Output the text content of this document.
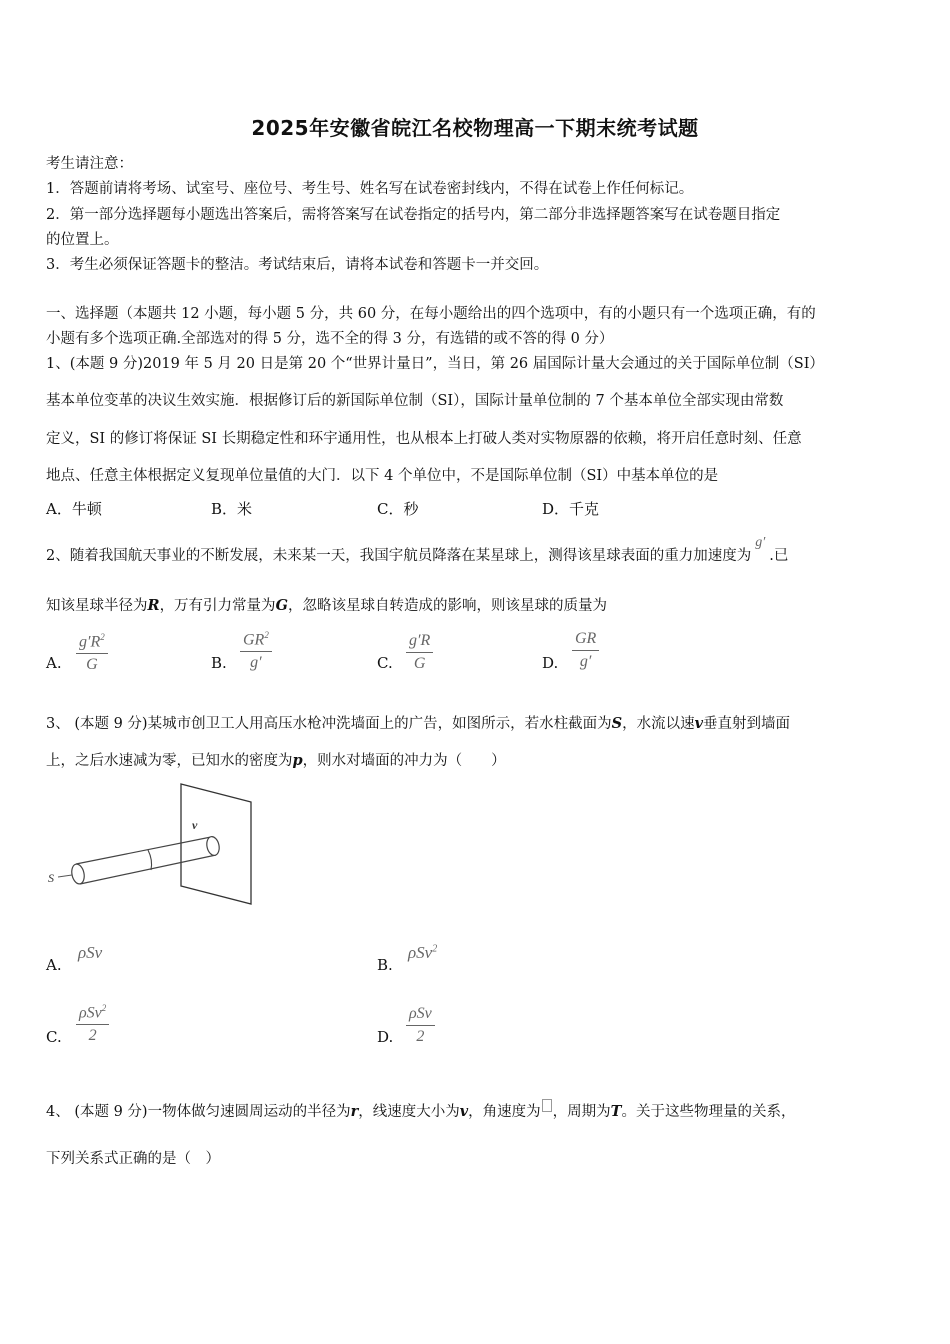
2025年安徽省皖江名校物理高一下期末统考试题
考生请注意：
1．答题前请将考场、试室号、座位号、考生号、姓名写在试卷密封线内，不得在试卷上作任何标记。
2．第一部分选择题每小题选出答案后，需将答案写在试卷指定的括号内，第二部分非选择题答案写在试卷题目指定
的位置上。
3．考生必须保证答题卡的整洁。考试结束后，请将本试卷和答题卡一并交回。
一、选择题（本题共 12 小题，每小题 5 分，共 60 分，在每小题给出的四个选项中，有的小题只有一个选项正确，有的
小题有多个选项正确.全部选对的得 5 分，选不全的得 3 分，有选错的或不答的得 0 分）
1、(本题 9 分)2019 年 5 月 20 日是第 20 个“世界计量日”，当日，第 26 届国际计量大会通过的关于国际单位制（SI）
基本单位变革的决议生效实施．根据修订后的新国际单位制（SI），国际计量单位制的 7 个基本单位全部实现由常数
定义，SI 的修订将保证 SI 长期稳定性和环宇通用性，也从根本上打破人类对实物原器的依赖，将开启任意时刻、任意
地点、任意主体根据定义复现单位量值的大门．以下 4 个单位中，不是国际单位制（SI）中基本单位的是
A．牛顿	B．米	C．秒	D．千克
2、随着我国航天事业的不断发展，未来某一天，我国宇航员降落在某星球上，测得该星球表面的重力加速度为g′.已
知该星球半径为R，万有引力常量为G，忽略该星球自转造成的影响，则该星球的质量为
A.
$g'R^2$
G	B.
$GR^2$
g′	C.
g′R
G	D.
GR
g′
3、 (本题 9 分)某城市创卫工人用高压水枪冲洗墙面上的广告，如图所示，若水柱截面为S，水流以速v垂直射到墙面
上，之后水速减为零，已知水的密度为p，则水对墙面的冲力为（　　）
S
v
A.
ρSv
B.
ρSv$^2$
C.
ρSv$^2$
2	D.
ρSv
2
4、 (本题 9 分)一物体做匀速圆周运动的半径为r，线速度大小为v，角速度为 ，周期为T。关于这些物理量的关系，
下列关系式正确的是（　）
